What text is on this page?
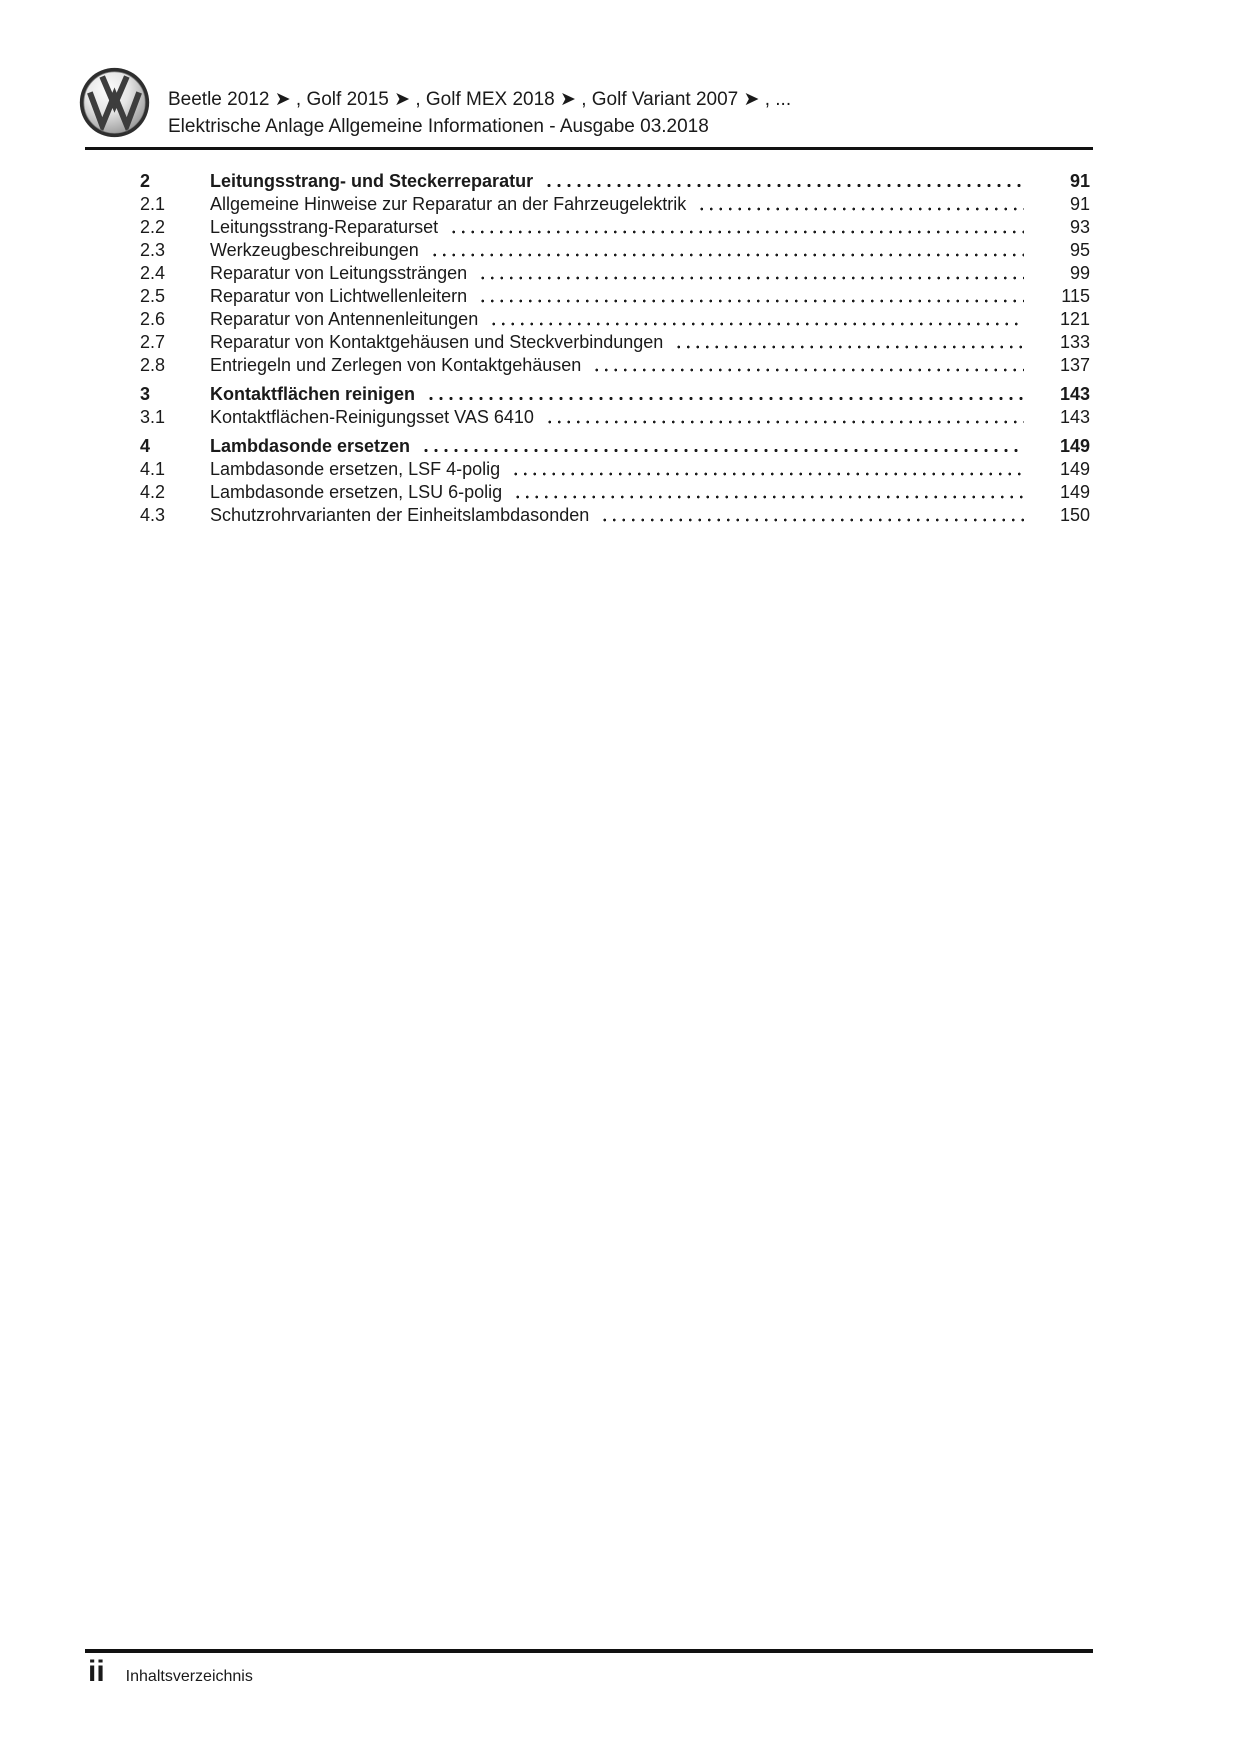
Beetle 2012 ➤ , Golf 2015 ➤ , Golf MEX 2018 ➤ , Golf Variant 2007 ➤ , ...
Elektrische Anlage Allgemeine Informationen - Ausgabe 03.2018
2	Leitungsstrang- und Steckerreparatur	91
2.1	Allgemeine Hinweise zur Reparatur an der Fahrzeugelektrik	91
2.2	Leitungsstrang-Reparaturset	93
2.3	Werkzeugbeschreibungen	95
2.4	Reparatur von Leitungssträngen	99
2.5	Reparatur von Lichtwellenleitern	115
2.6	Reparatur von Antennenleitungen	121
2.7	Reparatur von Kontaktgehäusen und Steckverbindungen	133
2.8	Entriegeln und Zerlegen von Kontaktgehäusen	137
3	Kontaktflächen reinigen	143
3.1	Kontaktflächen-Reinigungsset VAS 6410	143
4	Lambdasonde ersetzen	149
4.1	Lambdasonde ersetzen, LSF 4-polig	149
4.2	Lambdasonde ersetzen, LSU 6-polig	149
4.3	Schutzrohrvarianten der Einheitslambdasonden	150
ii Inhaltsverzeichnis
